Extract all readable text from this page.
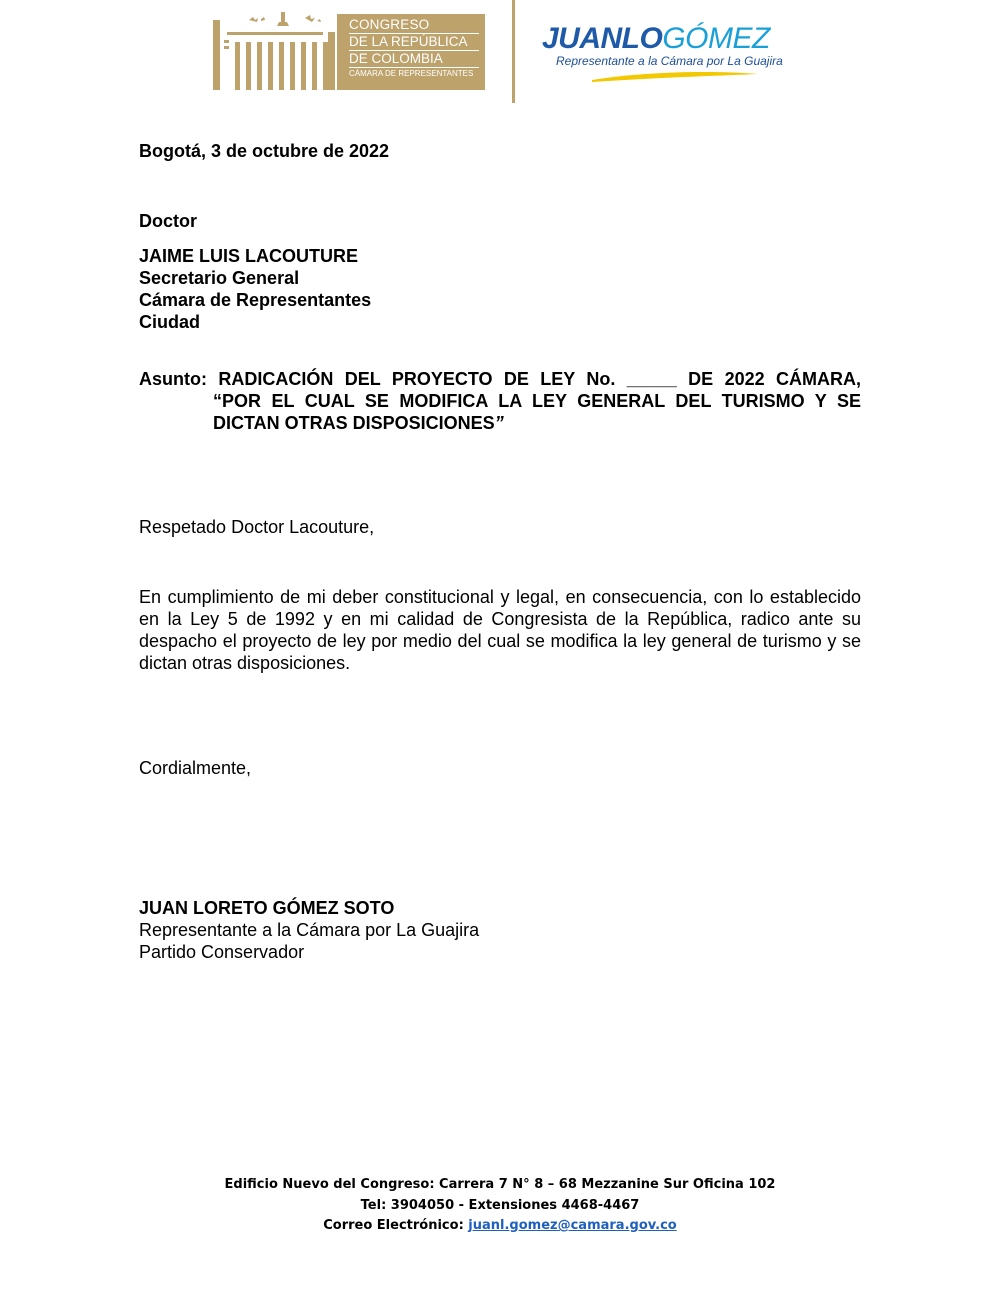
CONGRESO
DE LA REPÚBLICA
DE COLOMBIA
CÁMARA DE REPRESENTANTES
JUANLOGÓMEZ
Representante a la Cámara por La Guajira
Bogotá, 3 de octubre de 2022
Doctor
JAIME LUIS LACOUTURE
Secretario General
Cámara de Representantes
Ciudad
Asunto: RADICACIÓN DEL PROYECTO DE LEY No. _____ DE 2022 CÁMARA,
“POR EL CUAL SE MODIFICA LA LEY GENERAL DEL TURISMO Y SE
DICTAN OTRAS DISPOSICIONES”
Respetado Doctor Lacouture,
En cumplimiento de mi deber constitucional y legal, en consecuencia, con lo establecido en la Ley 5 de 1992 y en mi calidad de Congresista de la República, radico ante su despacho el proyecto de ley por medio del cual se modifica la ley general de turismo y se dictan otras disposiciones.
Cordialmente,
JUAN LORETO GÓMEZ SOTO
Representante a la Cámara por La Guajira
Partido Conservador
Edificio Nuevo del Congreso: Carrera 7 N° 8 – 68 Mezzanine Sur Oficina 102
Tel: 3904050 - Extensiones 4468-4467
Correo Electrónico: juanl.gomez@camara.gov.co
